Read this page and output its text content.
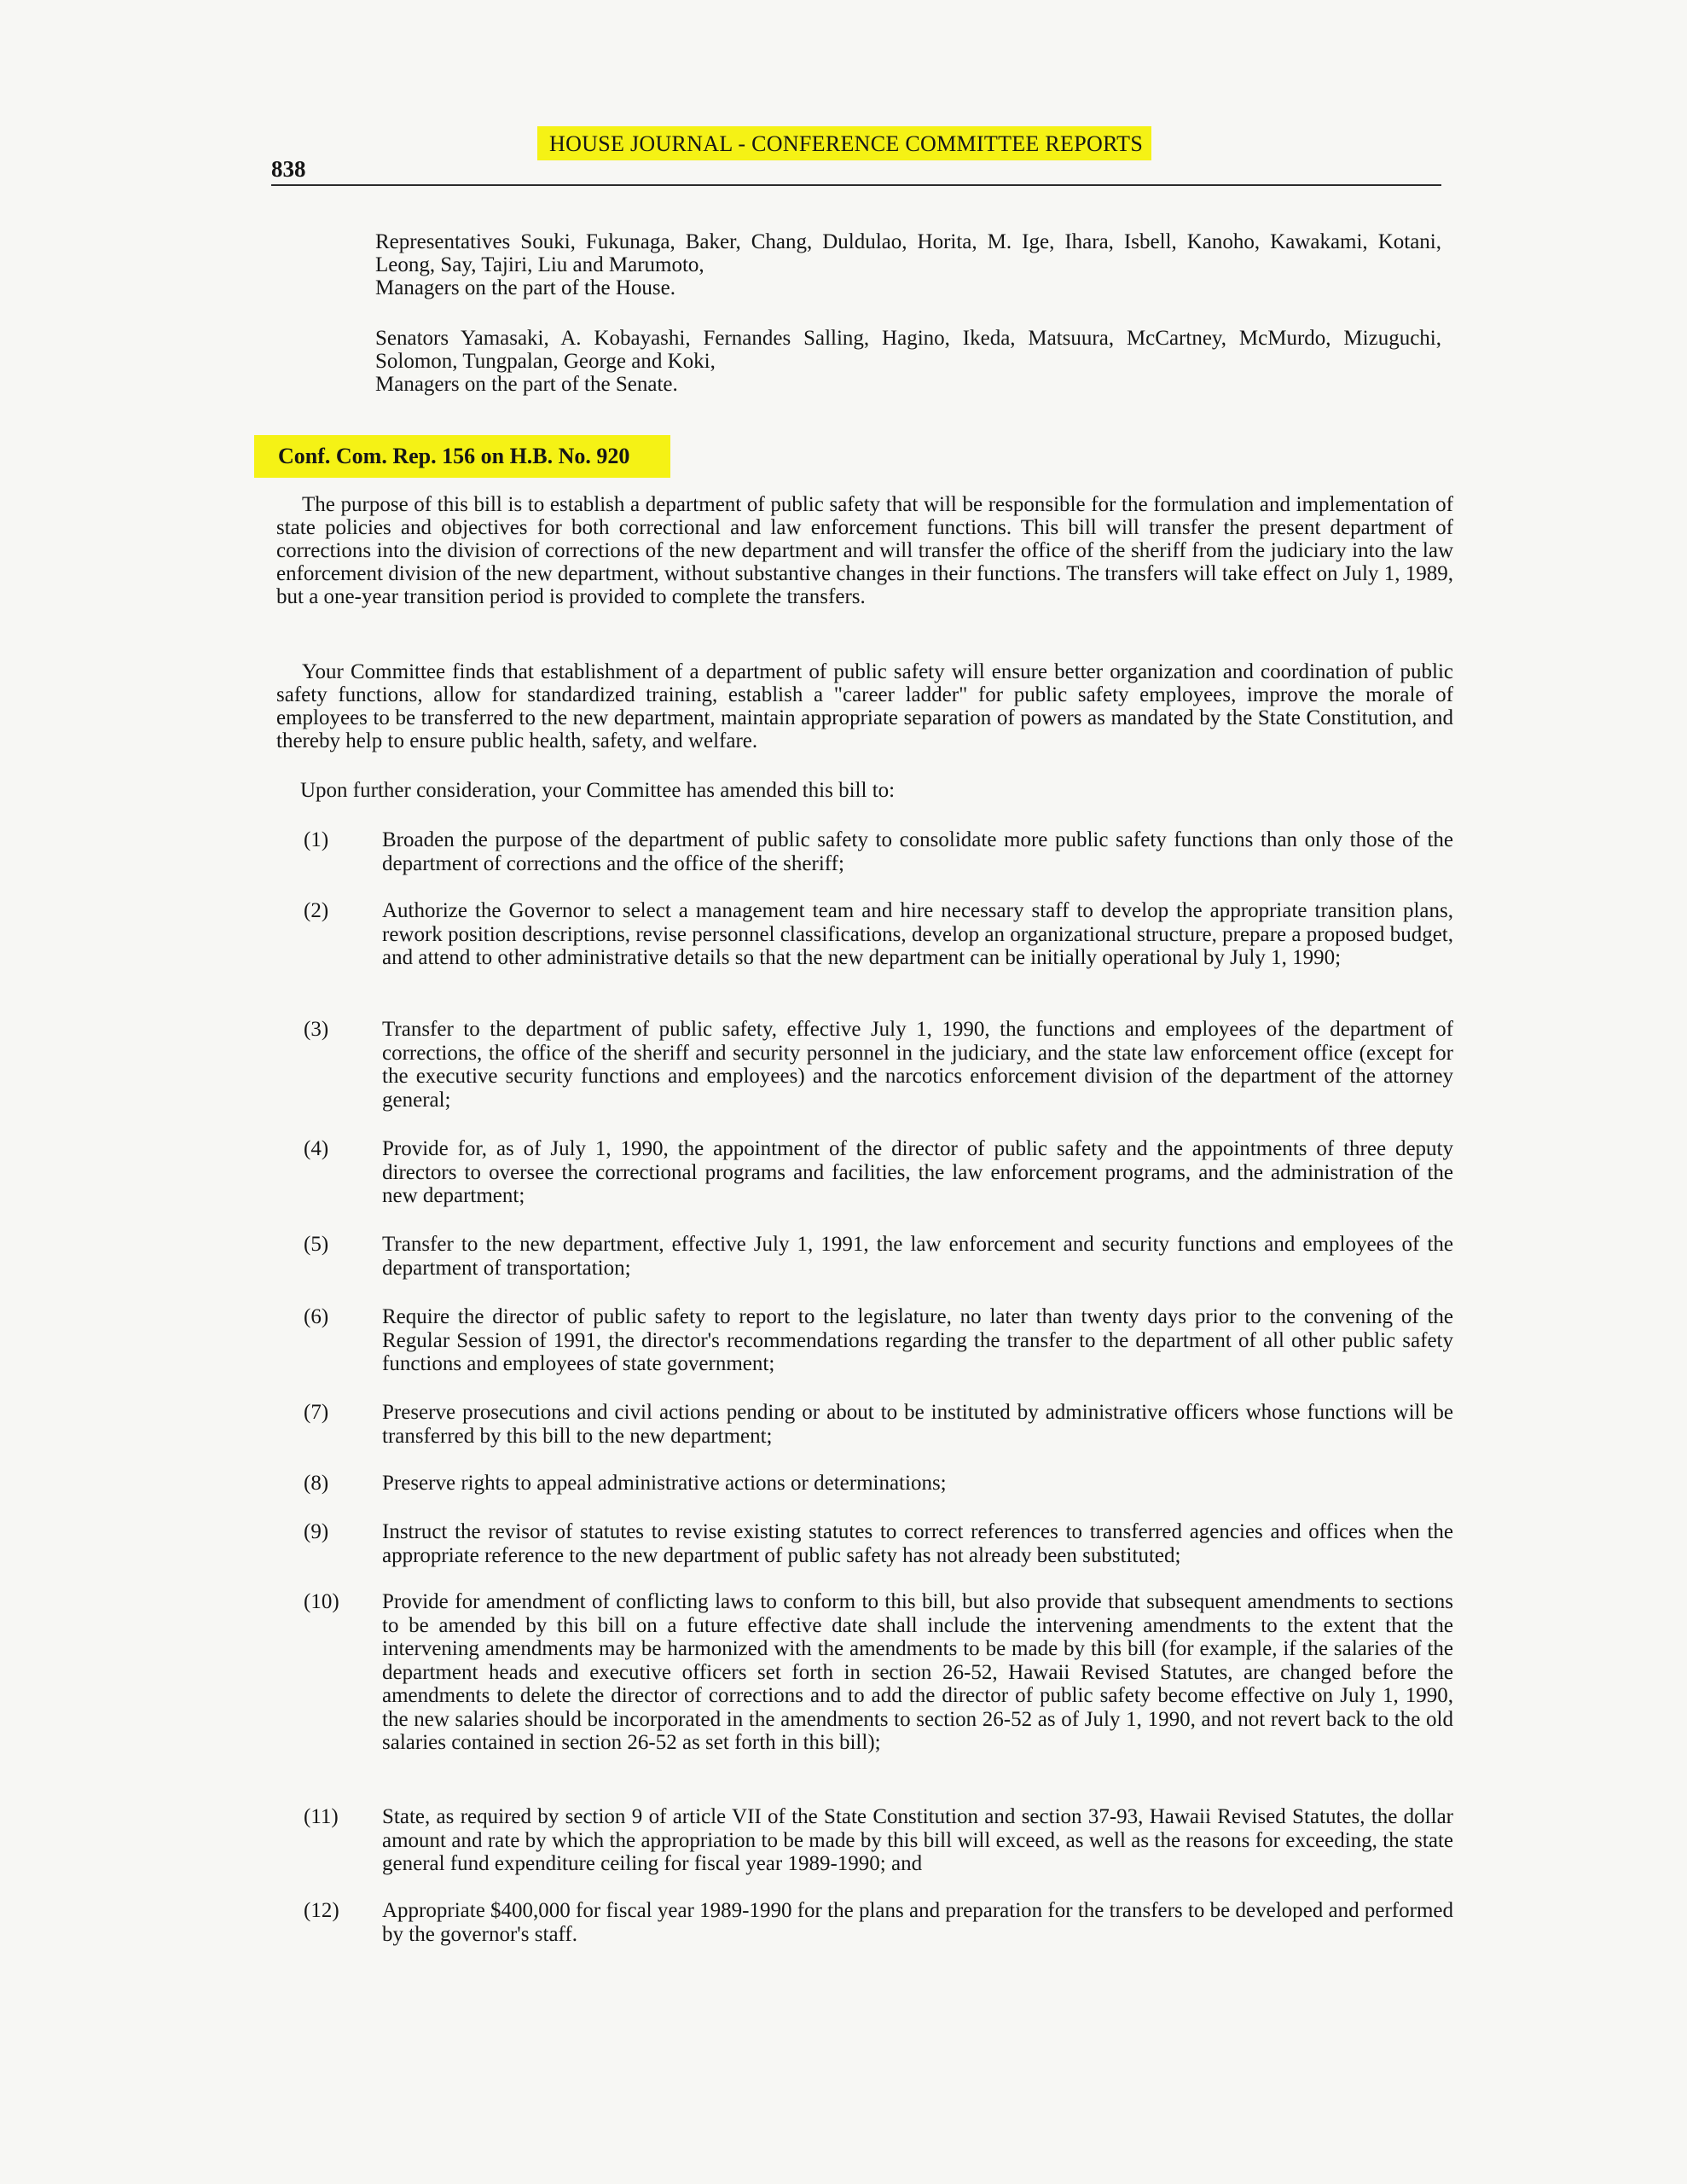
HOUSE JOURNAL - CONFERENCE COMMITTEE REPORTS
838
Representatives Souki, Fukunaga, Baker, Chang, Duldulao, Horita, M. Ige, Ihara, Isbell, Kanoho, Kawakami, Kotani, Leong, Say, Tajiri, Liu and Marumoto,
Managers on the part of the House.
Senators Yamasaki, A. Kobayashi, Fernandes Salling, Hagino, Ikeda, Matsuura, McCartney, McMurdo, Mizuguchi, Solomon, Tungpalan, George and Koki,
Managers on the part of the Senate.
Conf. Com. Rep. 156 on H.B. No. 920
The purpose of this bill is to establish a department of public safety that will be responsible for the formulation and implementation of state policies and objectives for both correctional and law enforcement functions. This bill will transfer the present department of corrections into the division of corrections of the new department and will transfer the office of the sheriff from the judiciary into the law enforcement division of the new department, without substantive changes in their functions. The transfers will take effect on July 1, 1989, but a one-year transition period is provided to complete the transfers.
Your Committee finds that establishment of a department of public safety will ensure better organization and coordination of public safety functions, allow for standardized training, establish a "career ladder" for public safety employees, improve the morale of employees to be transferred to the new department, maintain appropriate separation of powers as mandated by the State Constitution, and thereby help to ensure public health, safety, and welfare.
Upon further consideration, your Committee has amended this bill to:
(1)	Broaden the purpose of the department of public safety to consolidate more public safety functions than only those of the department of corrections and the office of the sheriff;
(2)	Authorize the Governor to select a management team and hire necessary staff to develop the appropriate transition plans, rework position descriptions, revise personnel classifications, develop an organizational structure, prepare a proposed budget, and attend to other administrative details so that the new department can be initially operational by July 1, 1990;
(3)	Transfer to the department of public safety, effective July 1, 1990, the functions and employees of the department of corrections, the office of the sheriff and security personnel in the judiciary, and the state law enforcement office (except for the executive security functions and employees) and the narcotics enforcement division of the department of the attorney general;
(4)	Provide for, as of July 1, 1990, the appointment of the director of public safety and the appointments of three deputy directors to oversee the correctional programs and facilities, the law enforcement programs, and the administration of the new department;
(5)	Transfer to the new department, effective July 1, 1991, the law enforcement and security functions and employees of the department of transportation;
(6)	Require the director of public safety to report to the legislature, no later than twenty days prior to the convening of the Regular Session of 1991, the director's recommendations regarding the transfer to the department of all other public safety functions and employees of state government;
(7)	Preserve prosecutions and civil actions pending or about to be instituted by administrative officers whose functions will be transferred by this bill to the new department;
(8)	Preserve rights to appeal administrative actions or determinations;
(9)	Instruct the revisor of statutes to revise existing statutes to correct references to transferred agencies and offices when the appropriate reference to the new department of public safety has not already been substituted;
(10) Provide for amendment of conflicting laws to conform to this bill, but also provide that subsequent amendments to sections to be amended by this bill on a future effective date shall include the intervening amendments to the extent that the intervening amendments may be harmonized with the amendments to be made by this bill (for example, if the salaries of the department heads and executive officers set forth in section 26-52, Hawaii Revised Statutes, are changed before the amendments to delete the director of corrections and to add the director of public safety become effective on July 1, 1990, the new salaries should be incorporated in the amendments to section 26-52 as of July 1, 1990, and not revert back to the old salaries contained in section 26-52 as set forth in this bill);
(11) State, as required by section 9 of article VII of the State Constitution and section 37-93, Hawaii Revised Statutes, the dollar amount and rate by which the appropriation to be made by this bill will exceed, as well as the reasons for exceeding, the state general fund expenditure ceiling for fiscal year 1989-1990; and
(12) Appropriate $400,000 for fiscal year 1989-1990 for the plans and preparation for the transfers to be developed and performed by the governor's staff.
